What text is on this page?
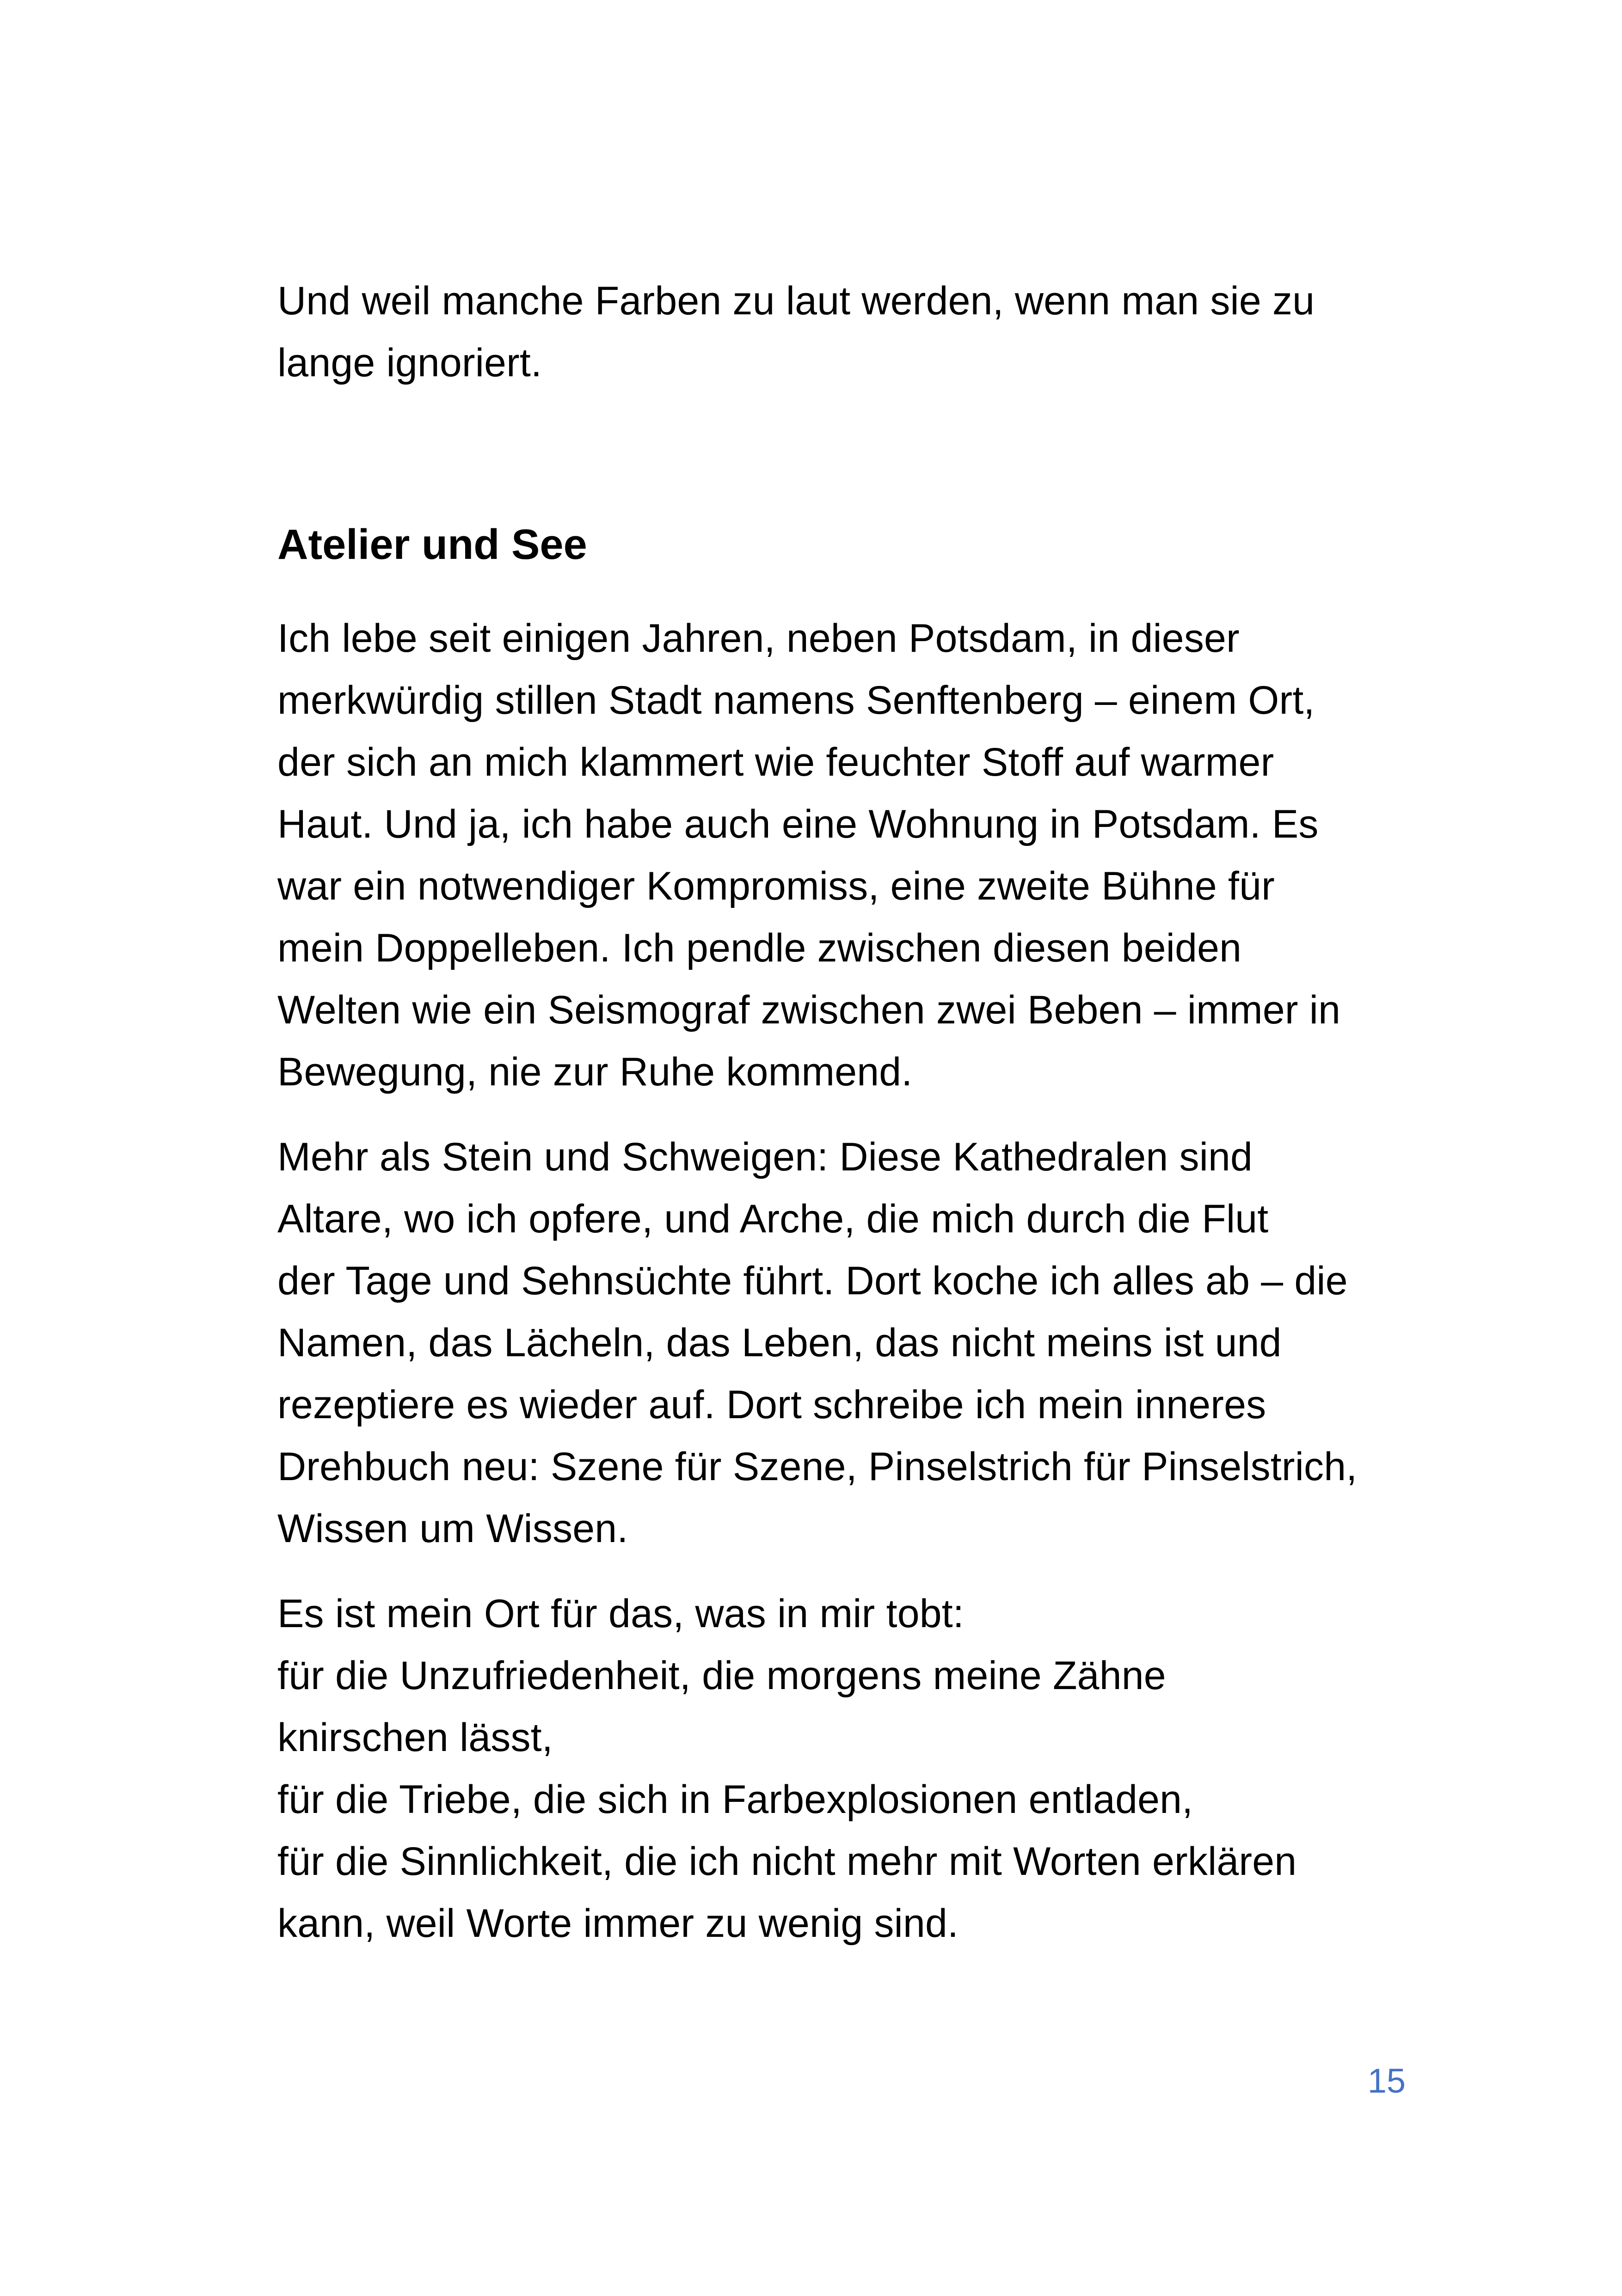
Und weil manche Farben zu laut werden, wenn man sie zu
lange ignoriert.
Atelier und See
Ich lebe seit einigen Jahren, neben Potsdam, in dieser
merkwürdig stillen Stadt namens Senftenberg – einem Ort,
der sich an mich klammert wie feuchter Stoff auf warmer
Haut. Und ja, ich habe auch eine Wohnung in Potsdam. Es
war ein notwendiger Kompromiss, eine zweite Bühne für
mein Doppelleben. Ich pendle zwischen diesen beiden
Welten wie ein Seismograf zwischen zwei Beben – immer in
Bewegung, nie zur Ruhe kommend.
Mehr als Stein und Schweigen: Diese Kathedralen sind
Altare, wo ich opfere, und Arche, die mich durch die Flut
der Tage und Sehnsüchte führt. Dort koche ich alles ab – die
Namen, das Lächeln, das Leben, das nicht meins ist und
rezeptiere es wieder auf. Dort schreibe ich mein inneres
Drehbuch neu: Szene für Szene, Pinselstrich für Pinselstrich,
Wissen um Wissen.
Es ist mein Ort für das, was in mir tobt:
für die Unzufriedenheit, die morgens meine Zähne
knirschen lässt,
für die Triebe, die sich in Farbexplosionen entladen,
für die Sinnlichkeit, die ich nicht mehr mit Worten erklären
kann, weil Worte immer zu wenig sind.
15
